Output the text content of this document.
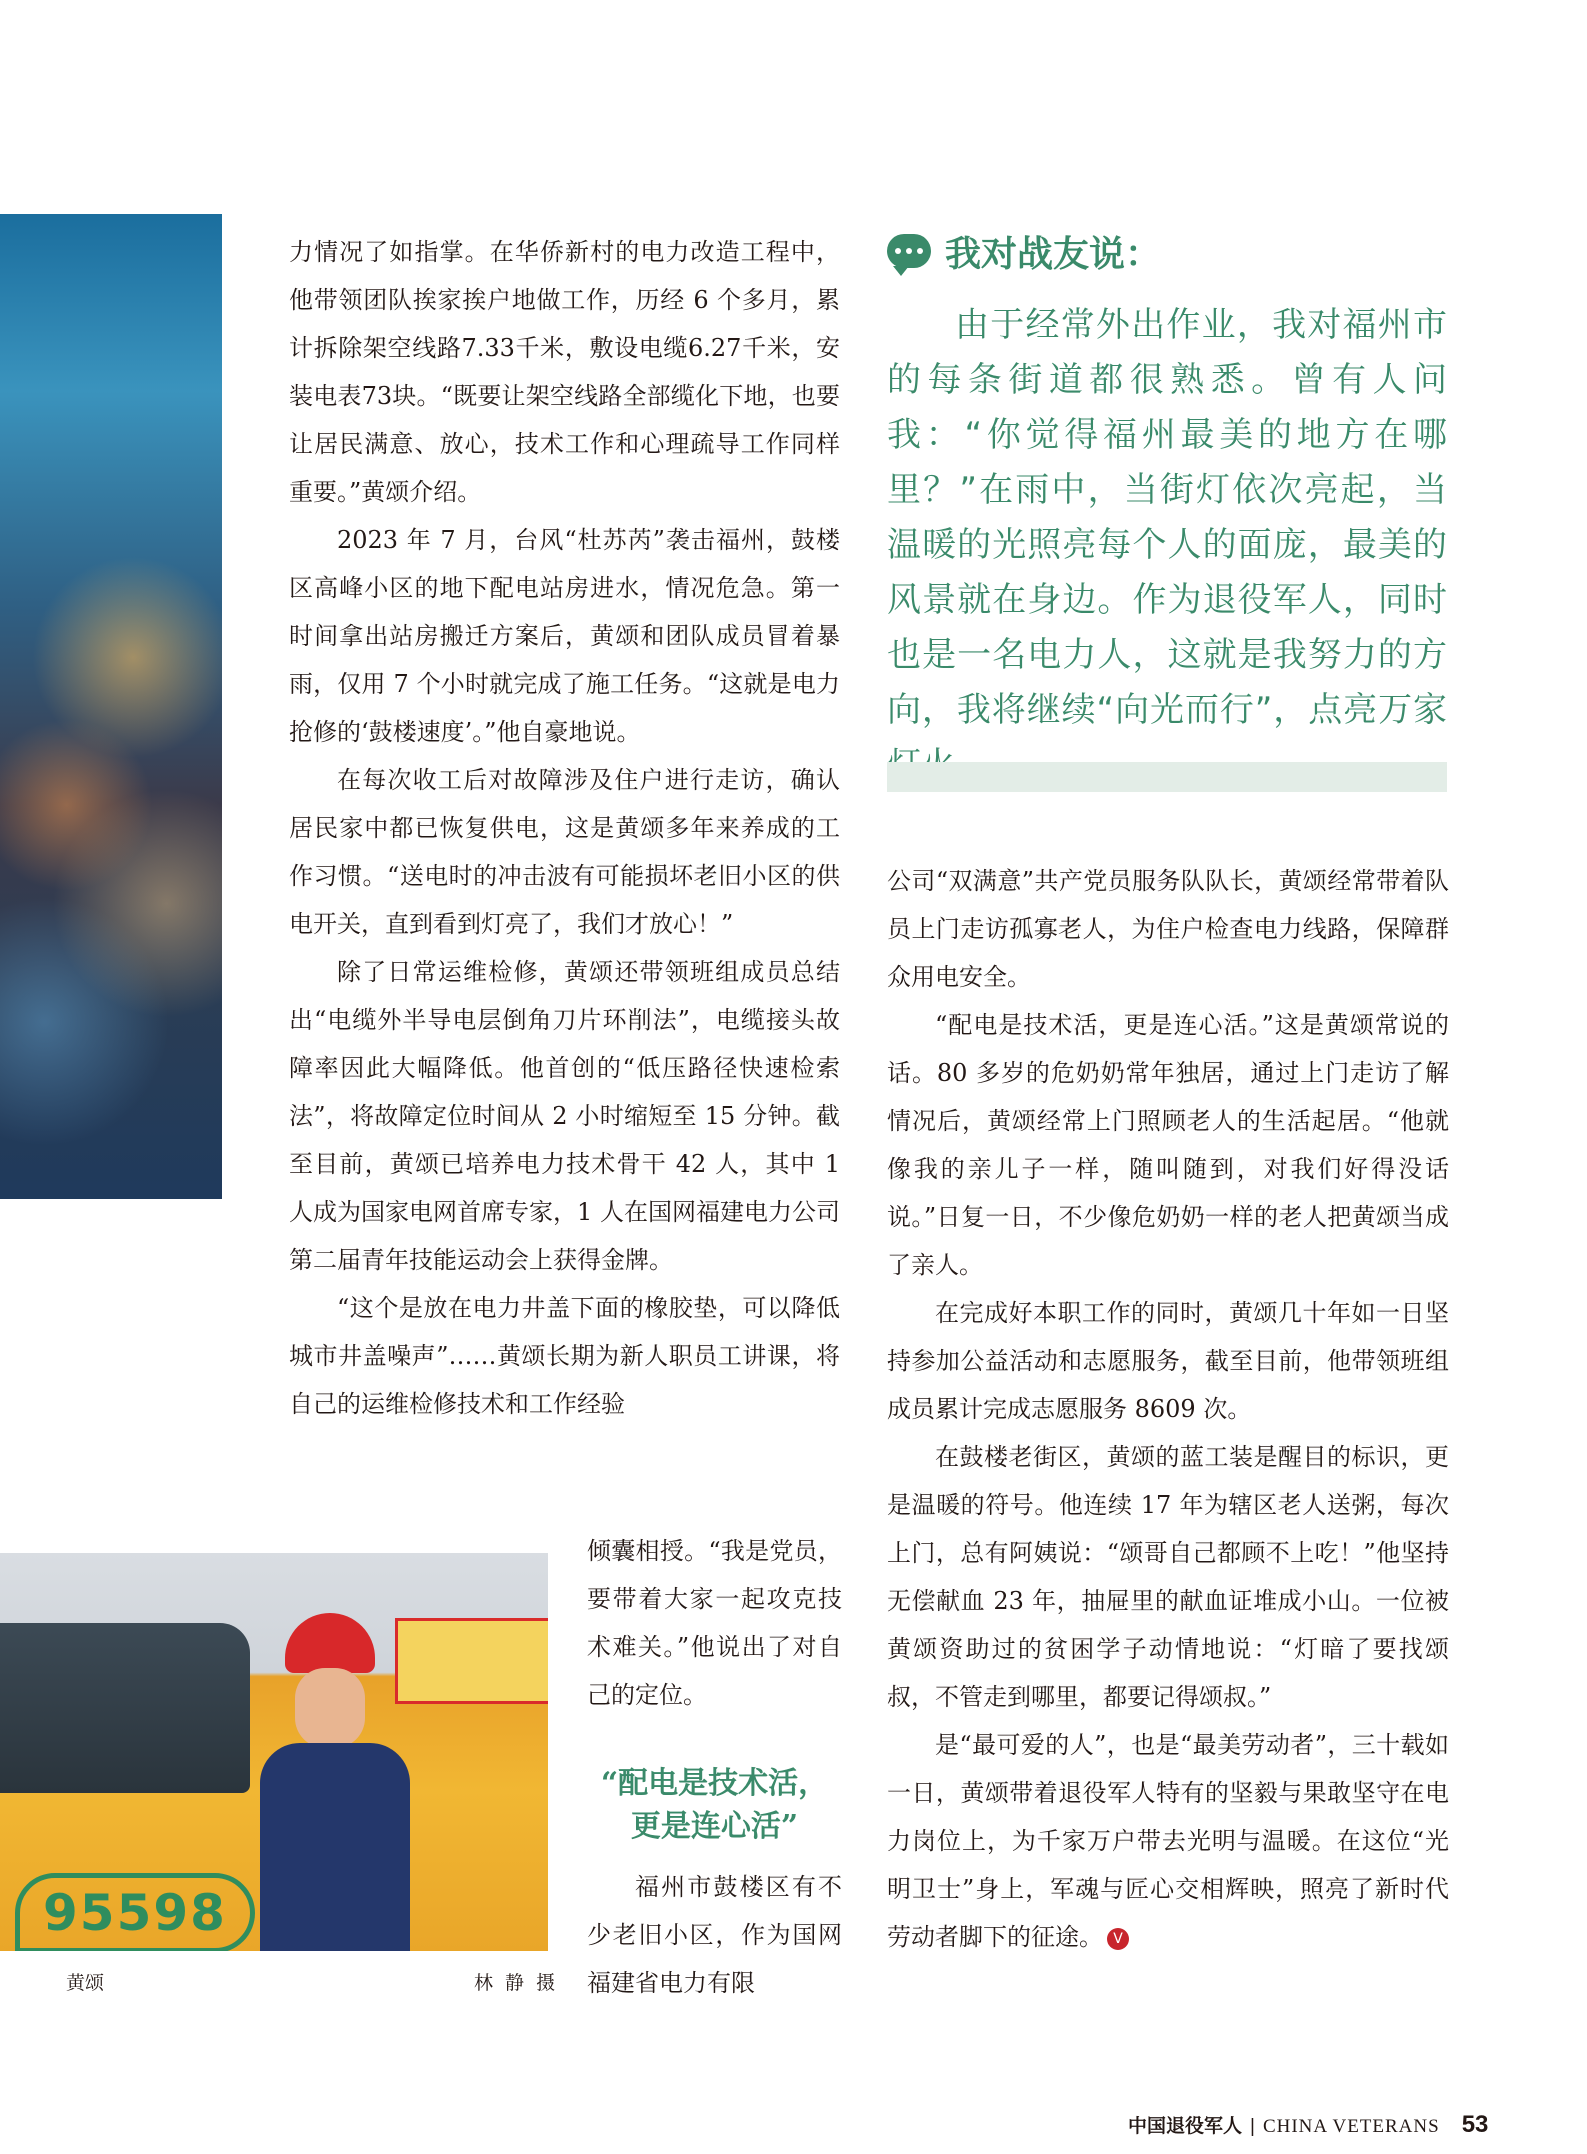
95598
黄颂	林 静 摄

力情况了如指掌。在华侨新村的电力改造工程中，他带领团队挨家挨户地做工作，历经 6 个多月，累计拆除架空线路7.33千米，敷设电缆6.27千米，安装电表73块。“既要让架空线路全部缆化下地，也要让居民满意、放心，技术工作和心理疏导工作同样重要。”黄颂介绍。

2023 年 7 月，台风“杜苏芮”袭击福州，鼓楼区高峰小区的地下配电站房进水，情况危急。第一时间拿出站房搬迁方案后，黄颂和团队成员冒着暴雨，仅用 7 个小时就完成了施工任务。“这就是电力抢修的‘鼓楼速度’。”他自豪地说。

在每次收工后对故障涉及住户进行走访，确认居民家中都已恢复供电，这是黄颂多年来养成的工作习惯。“送电时的冲击波有可能损坏老旧小区的供电开关，直到看到灯亮了，我们才放心！”

除了日常运维检修，黄颂还带领班组成员总结出“电缆外半导电层倒角刀片环削法”，电缆接头故障率因此大幅降低。他首创的“低压路径快速检索法”，将故障定位时间从 2 小时缩短至 15 分钟。截至目前，黄颂已培养电力技术骨干 42 人，其中 1 人成为国家电网首席专家，1 人在国网福建电力公司第二届青年技能运动会上获得金牌。

“这个是放在电力井盖下面的橡胶垫，可以降低城市井盖噪声”……黄颂长期为新人职员工讲课，将自己的运维检修技术和工作经验

倾囊相授。“我是党员，要带着大家一起攻克技术难关。”他说出了对自己的定位。

“配电是技术活，更是连心活”

福州市鼓楼区有不少老旧小区，作为国网福建省电力有限

我对战友说：
由于经常外出作业，我对福州市的每条街道都很熟悉。曾有人问我：“你觉得福州最美的地方在哪里？”在雨中，当街灯依次亮起，当温暖的光照亮每个人的面庞，最美的风景就在身边。作为退役军人，同时也是一名电力人，这就是我努力的方向，我将继续“向光而行”，点亮万家

公司“双满意”共产党员服务队队长，黄颂经常带着队员上门走访孤寡老人，为住户检查电力线路，保障群众用电安全。

“配电是技术活，更是连心活。”这是黄颂常说的话。80 多岁的危奶奶常年独居，通过上门走访了解情况后，黄颂经常上门照顾老人的生活起居。“他就像我的亲儿子一样，随叫随到，对我们好得没话说。”日复一日，不少像危奶奶一样的老人把黄颂当成了亲人。

在完成好本职工作的同时，黄颂几十年如一日坚持参加公益活动和志愿服务，截至目前，他带领班组成员累计完成志愿服务 8609 次。

在鼓楼老街区，黄颂的蓝工装是醒目的标识，更是温暖的符号。他连续 17 年为辖区老人送粥，每次上门，总有阿姨说：“颂哥自己都顾不上吃！”他坚持无偿献血 23 年，抽屉里的献血证堆成小山。一位被黄颂资助过的贫困学子动情地说：“灯暗了要找颂叔，不管走到哪里，都要记得颂叔。”

是“最可爱的人”，也是“最美劳动者”，三十载如一日，黄颂带着退役军人特有的坚毅与果敢坚守在电力岗位上，为千家万户带去光明与温暖。在这位“光明卫士”身上，军魂与匠心交相辉映，照亮了新时代劳动者脚下的征途。 V

中国退役军人 | CHINA VETERANS 53
